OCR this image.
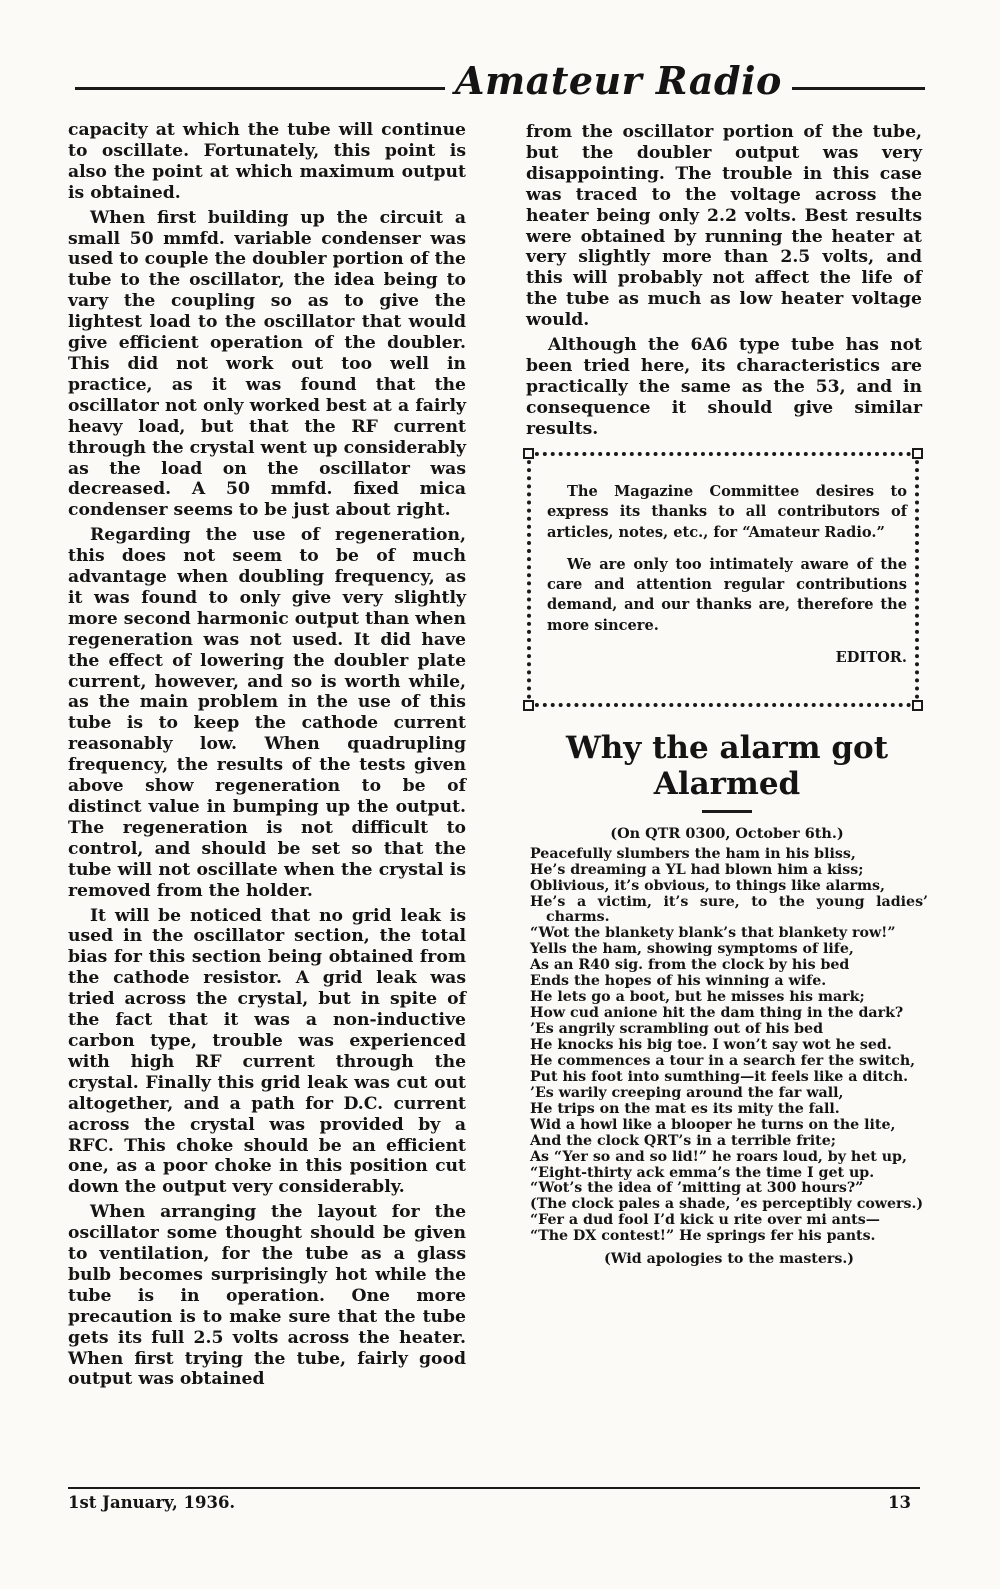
Amateur Radio

capacity at which the tube will continue to oscillate. Fortunately, this point is also the point at which maximum output is obtained.

When first building up the circuit a small 50 mmfd. variable condenser was used to couple the doubler portion of the tube to the oscillator, the idea being to vary the coupling so as to give the lightest load to the oscillator that would give efficient operation of the doubler. This did not work out too well in practice, as it was found that the oscillator not only worked best at a fairly heavy load, but that the RF current through the crystal went up considerably as the load on the oscillator was decreased. A 50 mmfd. fixed mica condenser seems to be just about right.

Regarding the use of regeneration, this does not seem to be of much advantage when doubling frequency, as it was found to only give very slightly more second harmonic output than when regeneration was not used. It did have the effect of lowering the doubler plate current, however, and so is worth while, as the main problem in the use of this tube is to keep the cathode current reasonably low. When quadrupling frequency, the results of the tests given above show regeneration to be of distinct value in bumping up the output. The regeneration is not difficult to control, and should be set so that the tube will not oscillate when the crystal is removed from the holder.

It will be noticed that no grid leak is used in the oscillator section, the total bias for this section being obtained from the cathode resistor. A grid leak was tried across the crystal, but in spite of the fact that it was a non-inductive carbon type, trouble was experienced with high RF current through the crystal. Finally this grid leak was cut out altogether, and a path for D.C. current across the crystal was provided by a RFC. This choke should be an efficient one, as a poor choke in this position cut down the output very considerably.

When arranging the layout for the oscillator some thought should be given to ventilation, for the tube as a glass bulb becomes surprisingly hot while the tube is in operation. One more precaution is to make sure that the tube gets its full 2.5 volts across the heater. When first trying the tube, fairly good output was obtained

from the oscillator portion of the tube, but the doubler output was very disappointing. The trouble in this case was traced to the voltage across the heater being only 2.2 volts. Best results were obtained by running the heater at very slightly more than 2.5 volts, and this will probably not affect the life of the tube as much as low heater voltage would.

Although the 6A6 type tube has not been tried here, its characteristics are practically the same as the 53, and in consequence it should give similar results.

The Magazine Committee desires to express its thanks to all contributors of articles, notes, etc., for “Amateur Radio.”

We are only too intimately aware of the care and attention regular contributions demand, and our thanks are, therefore the more sincere.

EDITOR.

Why the alarm got
Alarmed
(On QTR 0300, October 6th.)
Peacefully slumbers the ham in his bliss,
He’s dreaming a YL had blown him a kiss;
Oblivious, it’s obvious, to things like alarms,
He’s a victim, it’s sure, to the young ladies’ charms.
“Wot the blankety blank’s that blankety row!”
Yells the ham, showing symptoms of life,
As an R40 sig. from the clock by his bed
Ends the hopes of his winning a wife.
He lets go a boot, but he misses his mark;
How cud anione hit the dam thing in the dark?
’Es angrily scrambling out of his bed
He knocks his big toe. I won’t say wot he sed.
He commences a tour in a search fer the switch,
Put his foot into sumthing—it feels like a ditch.
’Es warily creeping around the far wall,
He trips on the mat es its mity the fall.
Wid a howl like a blooper he turns on the lite,
And the clock QRT’s in a terrible frite;
As “Yer so and so lid!” he roars loud, by het up,
“Eight-thirty ack emma’s the time I get up.
“Wot’s the idea of ’mitting at 300 hours?”
(The clock pales a shade, ’es perceptibly cowers.)
“Fer a dud fool I’d kick u rite over mi ants—
“The DX contest!” He springs fer his pants.
(Wid apologies to the masters.)
1st January, 1936.	13
